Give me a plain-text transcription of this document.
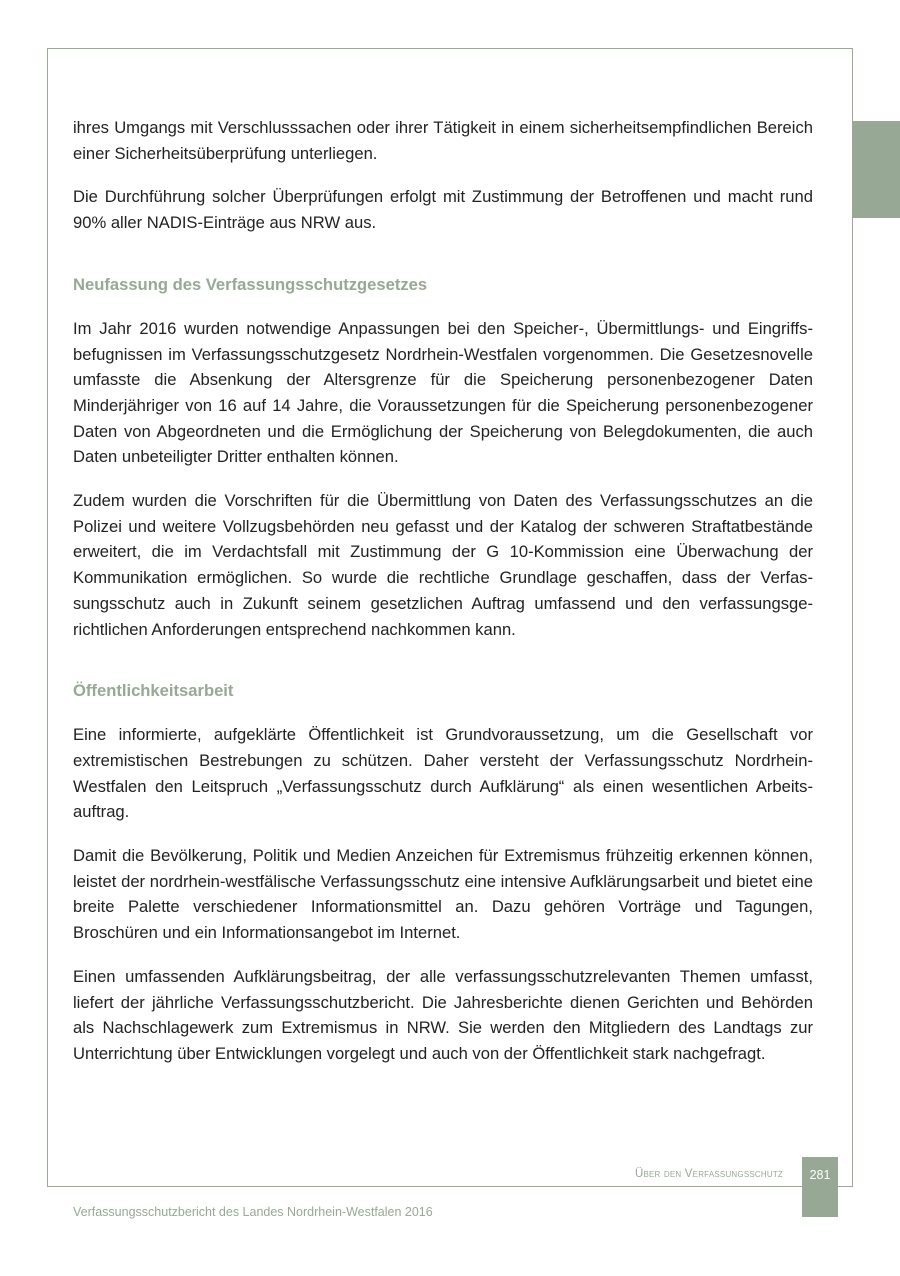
ihres Umgangs mit Verschlusssachen oder ihrer Tätigkeit in einem sicherheitsempfindlichen Bereich einer Sicherheitsüberprüfung unterliegen.

Die Durchführung solcher Überprüfungen erfolgt mit Zustimmung der Betroffenen und macht rund 90% aller NADIS-Einträge aus NRW aus.

Neufassung des Verfassungsschutzgesetzes

Im Jahr 2016 wurden notwendige Anpassungen bei den Speicher-, Übermittlungs- und Eingriffsbefugnissen im Verfassungsschutzgesetz Nordrhein-Westfalen vorgenommen. Die Gesetzesnovelle umfasste die Absenkung der Altersgrenze für die Speicherung personenbezogener Daten Minderjähriger von 16 auf 14 Jahre, die Voraussetzungen für die Speicherung personenbezogener Daten von Abgeordneten und die Ermöglichung der Speicherung von Belegdokumenten, die auch Daten unbeteiligter Dritter enthalten können.

Zudem wurden die Vorschriften für die Übermittlung von Daten des Verfassungsschutzes an die Polizei und weitere Vollzugsbehörden neu gefasst und der Katalog der schweren Straftatbestände erweitert, die im Verdachtsfall mit Zustimmung der G 10-Kommission eine Überwachung der Kommunikation ermöglichen. So wurde die rechtliche Grundlage geschaffen, dass der Verfassungsschutz auch in Zukunft seinem gesetzlichen Auftrag umfassend und den verfassungsgerichtlichen Anforderungen entsprechend nachkommen kann.

Öffentlichkeitsarbeit

Eine informierte, aufgeklärte Öffentlichkeit ist Grundvoraussetzung, um die Gesellschaft vor extremistischen Bestrebungen zu schützen. Daher versteht der Verfassungsschutz Nordrhein-Westfalen den Leitspruch „Verfassungsschutz durch Aufklärung“ als einen wesentlichen Arbeitsauftrag.

Damit die Bevölkerung, Politik und Medien Anzeichen für Extremismus frühzeitig erkennen können, leistet der nordrhein-westfälische Verfassungsschutz eine intensive Aufklärungsarbeit und bietet eine breite Palette verschiedener Informationsmittel an. Dazu gehören Vorträge und Tagungen, Broschüren und ein Informationsangebot im Internet.

Einen umfassenden Aufklärungsbeitrag, der alle verfassungsschutzrelevanten Themen umfasst, liefert der jährliche Verfassungsschutzbericht. Die Jahresberichte dienen Gerichten und Behörden als Nachschlagewerk zum Extremismus in NRW. Sie werden den Mitgliedern des Landtags zur Unterrichtung über Entwicklungen vorgelegt und auch von der Öffentlichkeit stark nachgefragt.

Über den Verfassungsschutz	281
Verfassungsschutzbericht des Landes Nordrhein-Westfalen 2016
